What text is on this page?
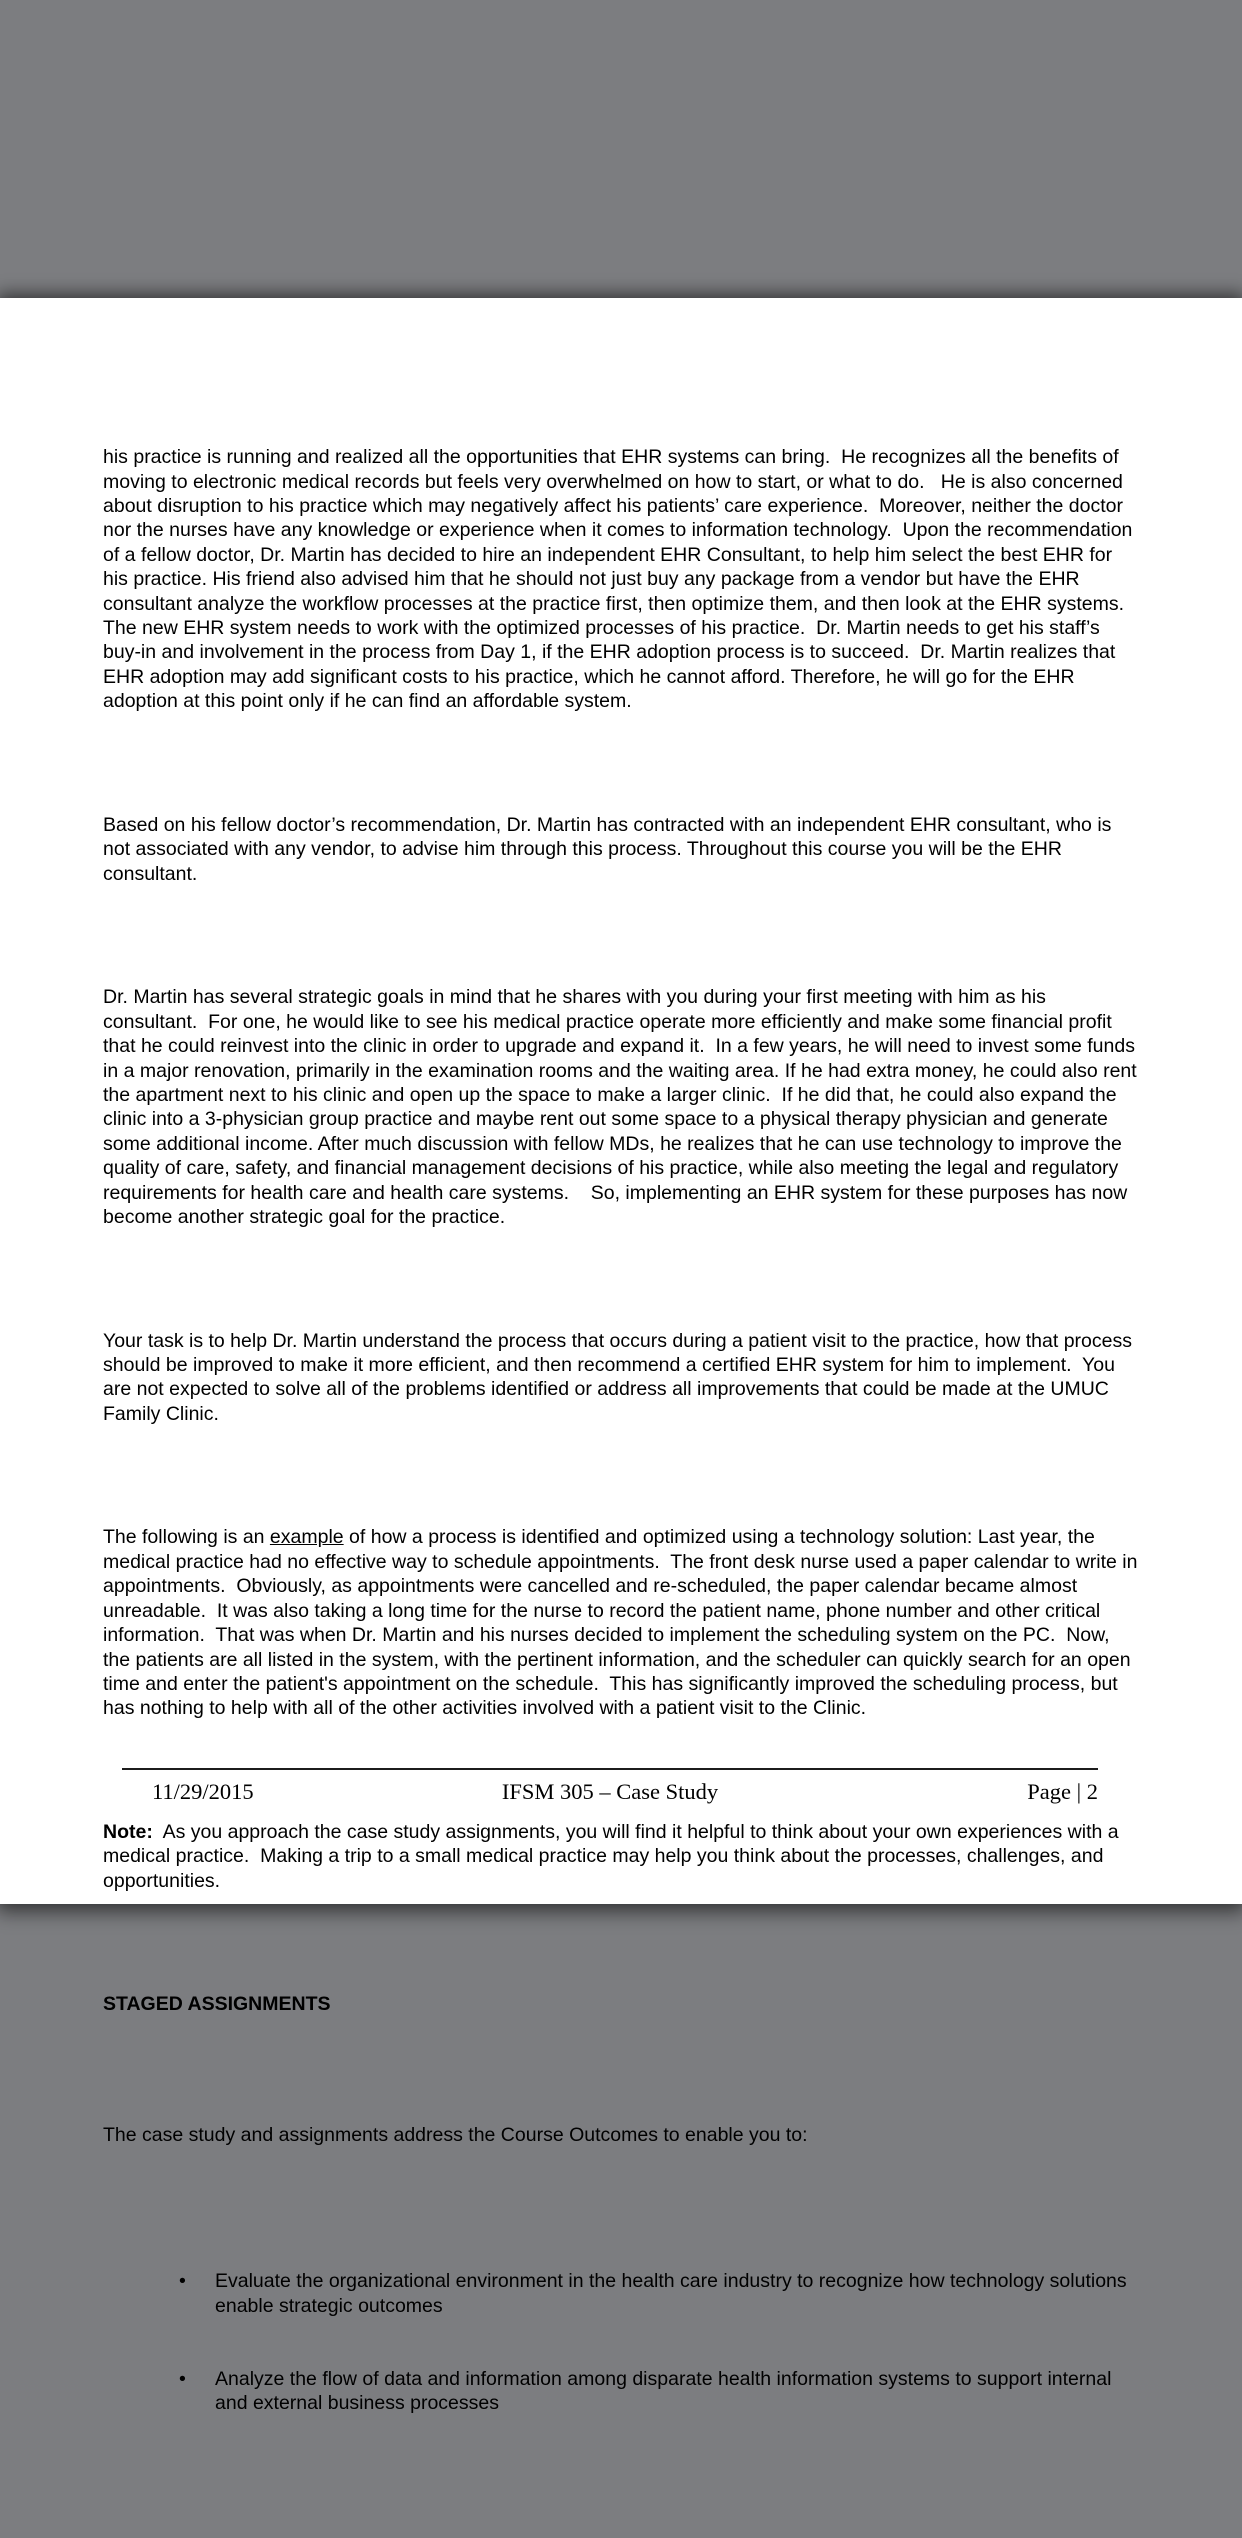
his practice is running and realized all the opportunities that EHR systems can bring.  He recognizes all the benefits of moving to electronic medical records but feels very overwhelmed on how to start, or what to do.   He is also concerned about disruption to his practice which may negatively affect his patients’ care experience.  Moreover, neither the doctor nor the nurses have any knowledge or experience when it comes to information technology.  Upon the recommendation of a fellow doctor, Dr. Martin has decided to hire an independent EHR Consultant, to help him select the best EHR for his practice. His friend also advised him that he should not just buy any package from a vendor but have the EHR consultant analyze the workflow processes at the practice first, then optimize them, and then look at the EHR systems.  The new EHR system needs to work with the optimized processes of his practice.  Dr. Martin needs to get his staff’s buy-in and involvement in the process from Day 1, if the EHR adoption process is to succeed.  Dr. Martin realizes that EHR adoption may add significant costs to his practice, which he cannot afford. Therefore, he will go for the EHR adoption at this point only if he can find an affordable system.

Based on his fellow doctor’s recommendation, Dr. Martin has contracted with an independent EHR consultant, who is not associated with any vendor, to advise him through this process. Throughout this course you will be the EHR consultant.

Dr. Martin has several strategic goals in mind that he shares with you during your first meeting with him as his consultant.  For one, he would like to see his medical practice operate more efficiently and make some financial profit that he could reinvest into the clinic in order to upgrade and expand it.  In a few years, he will need to invest some funds in a major renovation, primarily in the examination rooms and the waiting area. If he had extra money, he could also rent the apartment next to his clinic and open up the space to make a larger clinic.  If he did that, he could also expand the clinic into a 3-physician group practice and maybe rent out some space to a physical therapy physician and generate some additional income. After much discussion with fellow MDs, he realizes that he can use technology to improve the quality of care, safety, and financial management decisions of his practice, while also meeting the legal and regulatory requirements for health care and health care systems.    So, implementing an EHR system for these purposes has now become another strategic goal for the practice.

Your task is to help Dr. Martin understand the process that occurs during a patient visit to the practice, how that process should be improved to make it more efficient, and then recommend a certified EHR system for him to implement.  You are not expected to solve all of the problems identified or address all improvements that could be made at the UMUC Family Clinic.

The following is an example of how a process is identified and optimized using a technology solution: Last year, the medical practice had no effective way to schedule appointments.  The front desk nurse used a paper calendar to write in appointments.  Obviously, as appointments were cancelled and re-scheduled, the paper calendar became almost unreadable.  It was also taking a long time for the nurse to record the patient name, phone number and other critical information.  That was when Dr. Martin and his nurses decided to implement the scheduling system on the PC.  Now, the patients are all listed in the system, with the pertinent information, and the scheduler can quickly search for an open time and enter the patient's appointment on the schedule.  This has significantly improved the scheduling process, but has nothing to help with all of the other activities involved with a patient visit to the Clinic.

Note:  As you approach the case study assignments, you will find it helpful to think about your own experiences with a medical practice.  Making a trip to a small medical practice may help you think about the processes, challenges, and opportunities.

STAGED ASSIGNMENTS

The case study and assignments address the Course Outcomes to enable you to:

• Evaluate the organizational environment in the health care industry to recognize how technology solutions enable strategic outcomes

• Analyze the flow of data and information among disparate health information systems to support internal and external business processes

11/29/2015	IFSM 305 – Case Study	Page | 2
